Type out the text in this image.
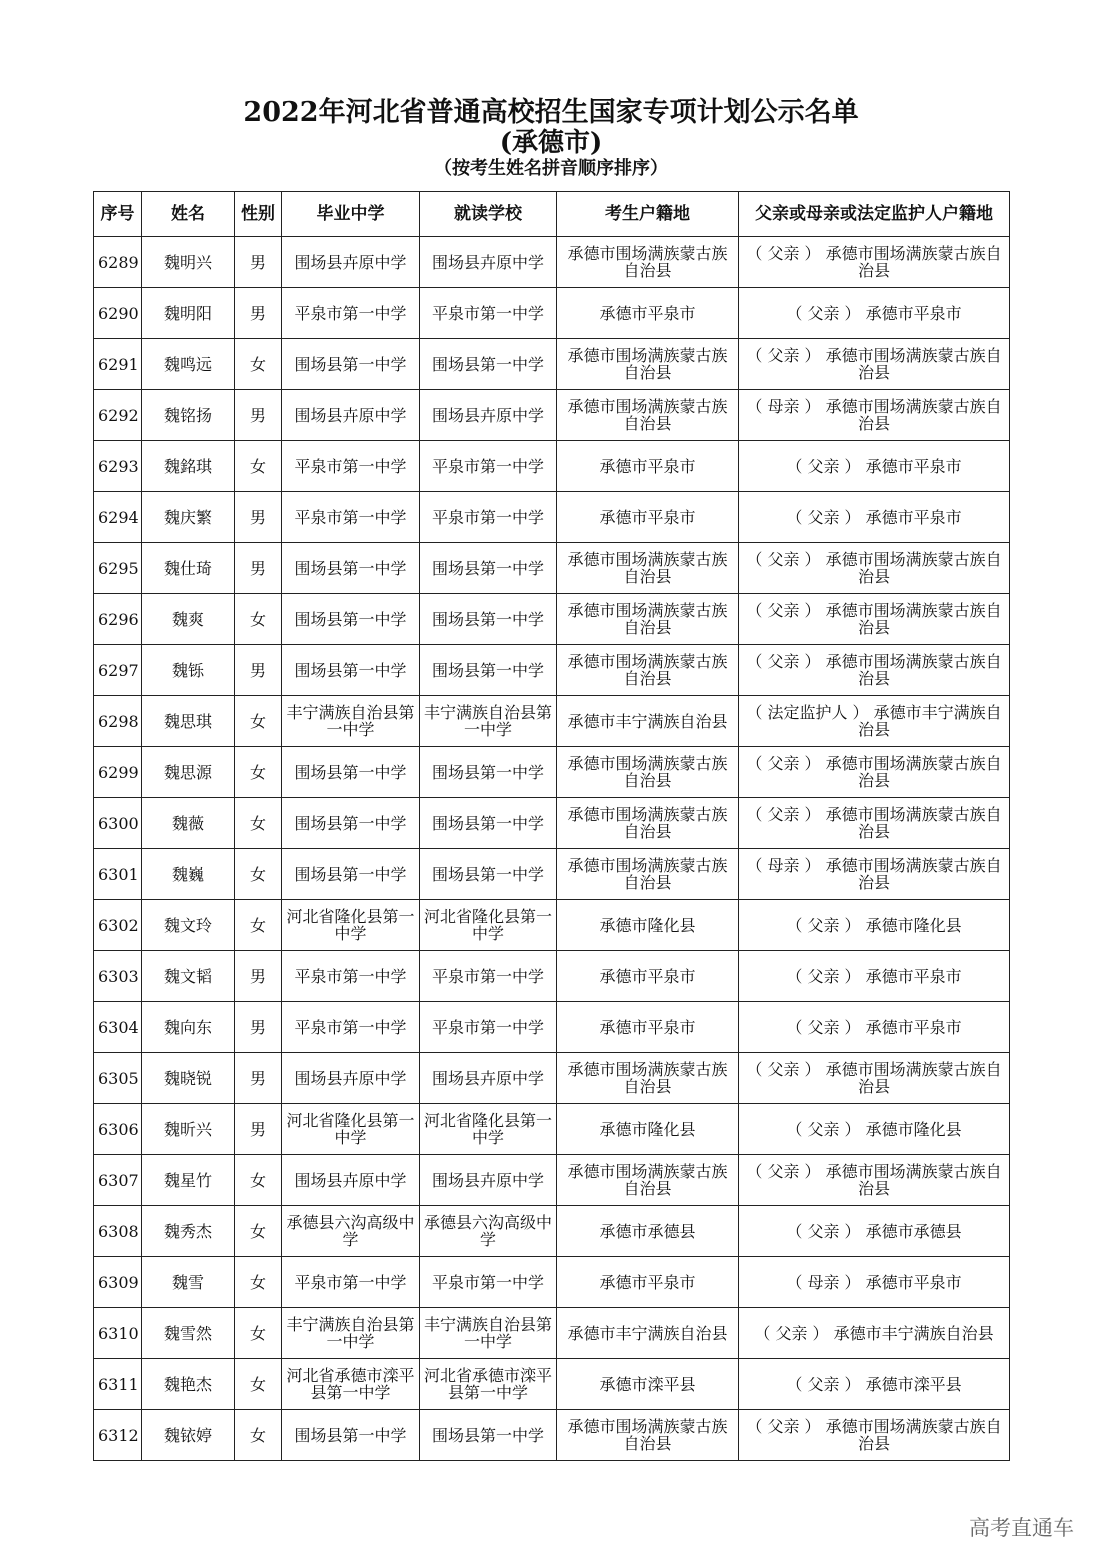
2022年河北省普通高校招生国家专项计划公示名单
(承德市)
（按考生姓名拼音顺序排序）
序号	姓名	性别	毕业中学	就读学校	考生户籍地	父亲或母亲或法定监护人户籍地
6289	魏明兴	男	围场县卉原中学	围场县卉原中学	承德市围场满族蒙古族自治县	（ 父亲 ） 承德市围场满族蒙古族自治县
6290	魏明阳	男	平泉市第一中学	平泉市第一中学	承德市平泉市	（ 父亲 ） 承德市平泉市
6291	魏鸣远	女	围场县第一中学	围场县第一中学	承德市围场满族蒙古族自治县	（ 父亲 ） 承德市围场满族蒙古族自治县
6292	魏铭扬	男	围场县卉原中学	围场县卉原中学	承德市围场满族蒙古族自治县	（ 母亲 ） 承德市围场满族蒙古族自治县
6293	魏銘琪	女	平泉市第一中学	平泉市第一中学	承德市平泉市	（ 父亲 ） 承德市平泉市
6294	魏庆繁	男	平泉市第一中学	平泉市第一中学	承德市平泉市	（ 父亲 ） 承德市平泉市
6295	魏仕琦	男	围场县第一中学	围场县第一中学	承德市围场满族蒙古族自治县	（ 父亲 ） 承德市围场满族蒙古族自治县
6296	魏爽	女	围场县第一中学	围场县第一中学	承德市围场满族蒙古族自治县	（ 父亲 ） 承德市围场满族蒙古族自治县
6297	魏铄	男	围场县第一中学	围场县第一中学	承德市围场满族蒙古族自治县	（ 父亲 ） 承德市围场满族蒙古族自治县
6298	魏思琪	女	丰宁满族自治县第一中学	丰宁满族自治县第一中学	承德市丰宁满族自治县	（ 法定监护人 ） 承德市丰宁满族自治县
6299	魏思源	女	围场县第一中学	围场县第一中学	承德市围场满族蒙古族自治县	（ 父亲 ） 承德市围场满族蒙古族自治县
6300	魏薇	女	围场县第一中学	围场县第一中学	承德市围场满族蒙古族自治县	（ 父亲 ） 承德市围场满族蒙古族自治县
6301	魏巍	女	围场县第一中学	围场县第一中学	承德市围场满族蒙古族自治县	（ 母亲 ） 承德市围场满族蒙古族自治县
6302	魏文玲	女	河北省隆化县第一中学	河北省隆化县第一中学	承德市隆化县	（ 父亲 ） 承德市隆化县
6303	魏文韬	男	平泉市第一中学	平泉市第一中学	承德市平泉市	（ 父亲 ） 承德市平泉市
6304	魏向东	男	平泉市第一中学	平泉市第一中学	承德市平泉市	（ 父亲 ） 承德市平泉市
6305	魏晓锐	男	围场县卉原中学	围场县卉原中学	承德市围场满族蒙古族自治县	（ 父亲 ） 承德市围场满族蒙古族自治县
6306	魏昕兴	男	河北省隆化县第一中学	河北省隆化县第一中学	承德市隆化县	（ 父亲 ） 承德市隆化县
6307	魏星竹	女	围场县卉原中学	围场县卉原中学	承德市围场满族蒙古族自治县	（ 父亲 ） 承德市围场满族蒙古族自治县
6308	魏秀杰	女	承德县六沟高级中学	承德县六沟高级中学	承德市承德县	（ 父亲 ） 承德市承德县
6309	魏雪	女	平泉市第一中学	平泉市第一中学	承德市平泉市	（ 母亲 ） 承德市平泉市
6310	魏雪然	女	丰宁满族自治县第一中学	丰宁满族自治县第一中学	承德市丰宁满族自治县	（ 父亲 ） 承德市丰宁满族自治县
6311	魏艳杰	女	河北省承德市滦平县第一中学	河北省承德市滦平县第一中学	承德市滦平县	（ 父亲 ） 承德市滦平县
6312	魏铱婷	女	围场县第一中学	围场县第一中学	承德市围场满族蒙古族自治县	（ 父亲 ） 承德市围场满族蒙古族自治县
高考直通车
